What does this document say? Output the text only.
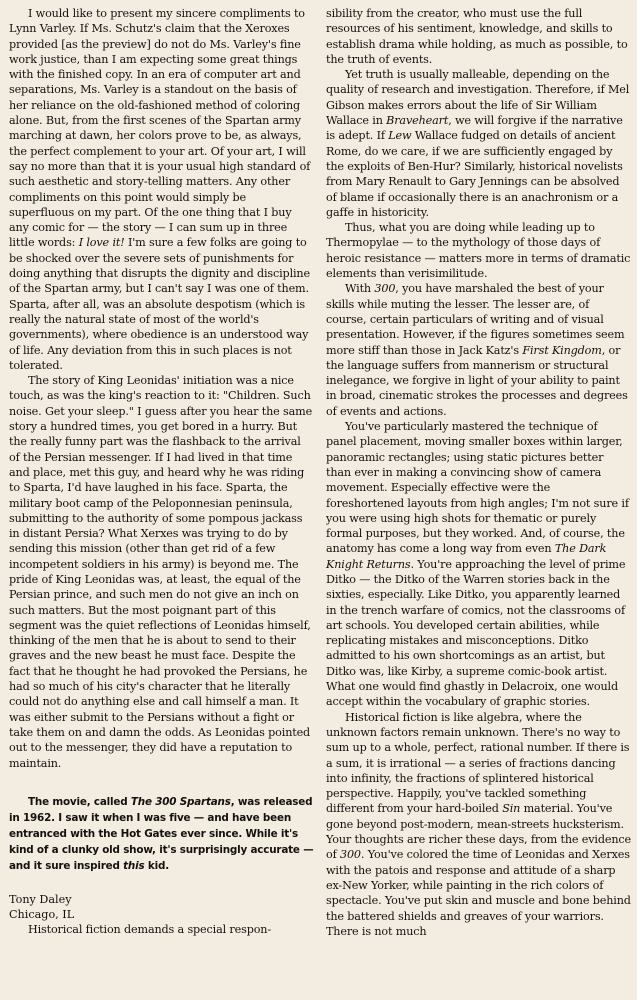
I would like to present my sincere compliments to Lynn Varley. If Ms. Schutz's claim that the Xeroxes provided [as the preview] do not do Ms. Varley's fine work justice, than I am expecting some great things with the finished copy. In an era of computer art and separations, Ms. Varley is a standout on the basis of her reliance on the old-fashioned method of coloring alone. But, from the first scenes of the Spartan army marching at dawn, her colors prove to be, as always, the perfect complement to your art. Of your art, I will say no more than that it is your usual high standard of such aesthetic and story-telling matters. Any other compliments on this point would simply be superfluous on my part. Of the one thing that I buy any comic for — the story — I can sum up in three little words: I love it! I'm sure a few folks are going to be shocked over the severe sets of punishments for doing anything that disrupts the dignity and discipline of the Spartan army, but I can't say I was one of them. Sparta, after all, was an absolute despotism (which is really the natural state of most of the world's governments), where obedience is an understood way of life. Any deviation from this in such places is not tolerated.

The story of King Leonidas' initiation was a nice touch, as was the king's reaction to it: "Children. Such noise. Get your sleep." I guess after you hear the same story a hundred times, you get bored in a hurry. But the really funny part was the flashback to the arrival of the Persian messenger. If I had lived in that time and place, met this guy, and heard why he was riding to Sparta, I'd have laughed in his face. Sparta, the military boot camp of the Peloponnesian peninsula, submitting to the authority of some pompous jackass in distant Persia? What Xerxes was trying to do by sending this mission (other than get rid of a few incompetent soldiers in his army) is beyond me. The pride of King Leonidas was, at least, the equal of the Persian prince, and such men do not give an inch on such matters. But the most poignant part of this segment was the quiet reflections of Leonidas himself, thinking of the men that he is about to send to their graves and the new beast he must face. Despite the fact that he thought he had provoked the Persians, he had so much of his city's character that he literally could not do anything else and call himself a man. It was either submit to the Persians without a fight or take them on and damn the odds. As Leonidas pointed out to the messenger, they did have a reputation to maintain.

The movie, called The 300 Spartans, was released in 1962. I saw it when I was five — and have been entranced with the Hot Gates ever since. While it's kind of a clunky old show, it's surprisingly accurate — and it sure inspired this kid.

Tony Daley
Chicago, IL

Historical fiction demands a special respon-

sibility from the creator, who must use the full resources of his sentiment, knowledge, and skills to establish drama while holding, as much as possible, to the truth of events.

Yet truth is usually malleable, depending on the quality of research and investigation. Therefore, if Mel Gibson makes errors about the life of Sir William Wallace in Braveheart, we will forgive if the narrative is adept. If Lew Wallace fudged on details of ancient Rome, do we care, if we are sufficiently engaged by the exploits of Ben-Hur? Similarly, historical novelists from Mary Renault to Gary Jennings can be absolved of blame if occasionally there is an anachronism or a gaffe in historicity.

Thus, what you are doing while leading up to Thermopylae — to the mythology of those days of heroic resistance — matters more in terms of dramatic elements than verisimilitude.

With 300, you have marshaled the best of your skills while muting the lesser. The lesser are, of course, certain particulars of writing and of visual presentation. However, if the figures sometimes seem more stiff than those in Jack Katz's First Kingdom, or the language suffers from mannerism or structural inelegance, we forgive in light of your ability to paint in broad, cinematic strokes the processes and degrees of events and actions.

You've particularly mastered the technique of panel placement, moving smaller boxes within larger, panoramic rectangles; using static pictures better than ever in making a convincing show of camera movement. Especially effective were the foreshortened layouts from high angles; I'm not sure if you were using high shots for thematic or purely formal purposes, but they worked. And, of course, the anatomy has come a long way from even The Dark Knight Returns. You're approaching the level of prime Ditko — the Ditko of the Warren stories back in the sixties, especially. Like Ditko, you apparently learned in the trench warfare of comics, not the classrooms of art schools. You developed certain abilities, while replicating mistakes and misconceptions. Ditko admitted to his own shortcomings as an artist, but Ditko was, like Kirby, a supreme comic-book artist. What one would find ghastly in Delacroix, one would accept within the vocabulary of graphic stories.

Historical fiction is like algebra, where the unknown factors remain unknown. There's no way to sum up to a whole, perfect, rational number. If there is a sum, it is irrational — a series of fractions dancing into infinity, the fractions of splintered historical perspective. Happily, you've tackled something different from your hard-boiled Sin material. You've gone beyond post-modern, mean-streets hucksterism. Your thoughts are richer these days, from the evidence of 300. You've colored the time of Leonidas and Xerxes with the patois and response and attitude of a sharp ex-New Yorker, while painting in the rich colors of spectacle. You've put skin and muscle and bone behind the battered shields and greaves of your warriors. There is not much
